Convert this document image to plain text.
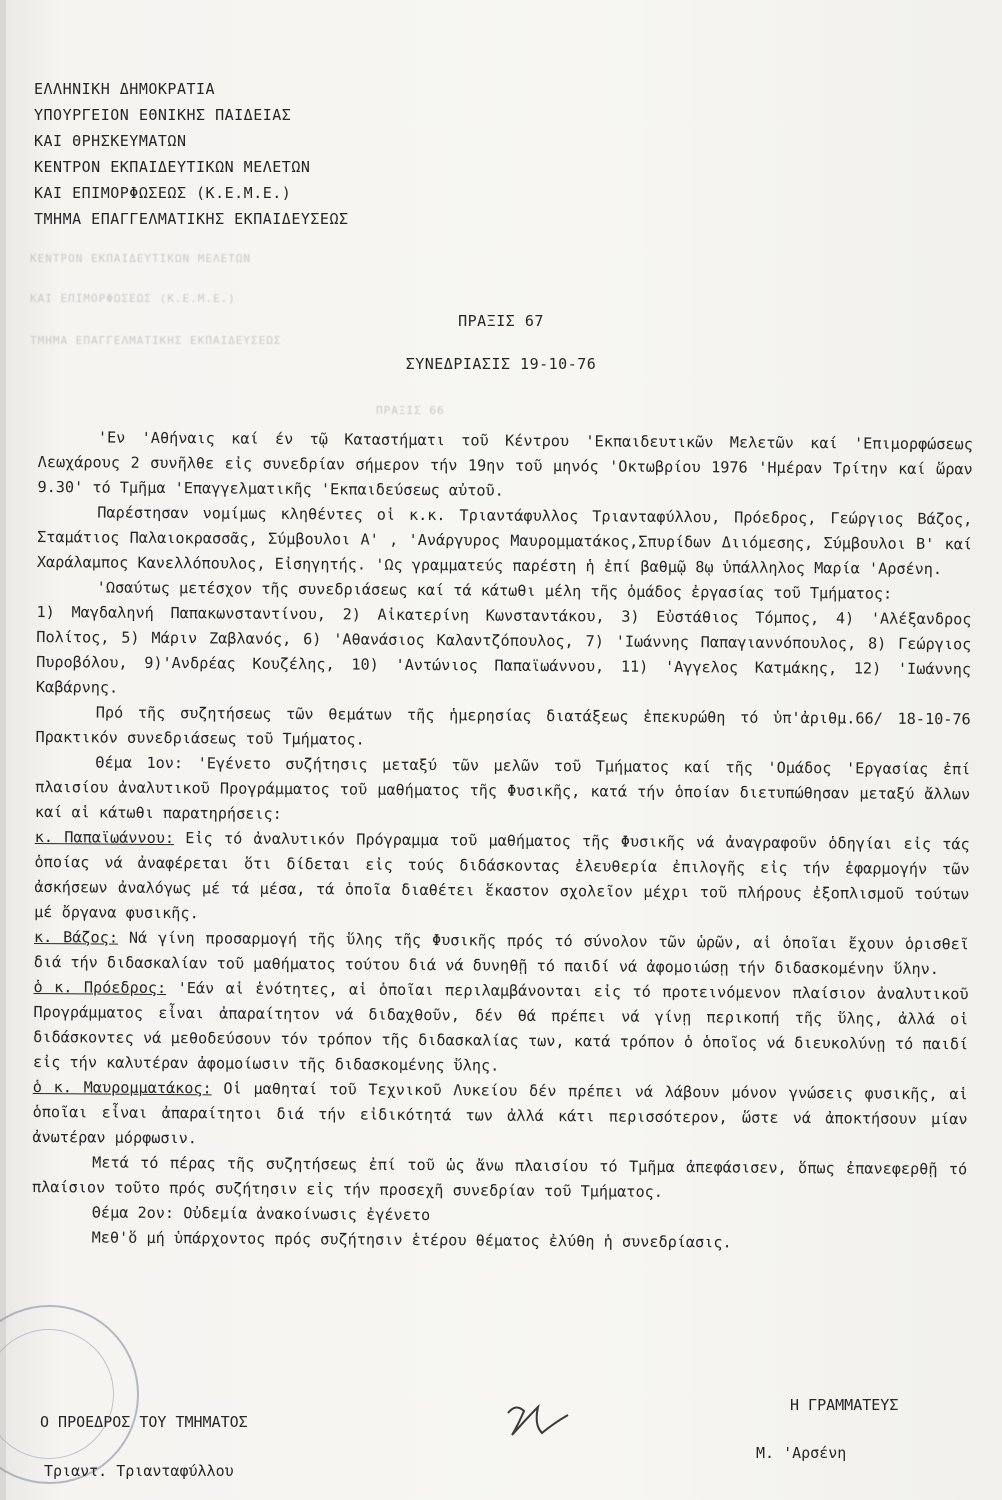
ΚΕΝΤΡΟΝ ΕΚΠΑΙΔΕΥΤΙΚΩΝ ΜΕΛΕΤΩΝ
ΚΑΙ ΕΠΙΜΟΡΦΩΣΕΩΣ (Κ.Ε.Μ.Ε.)
ΤΜΗΜΑ ΕΠΑΓΓΕΛΜΑΤΙΚΗΣ ΕΚΠΑΙΔΕΥΣΕΩΣ
ΠΡΑΞΙΣ 66
ΕΛΛΗΝΙΚΗ ΔΗΜΟΚΡΑΤΙΑ
ΥΠΟΥΡΓΕΙΟΝ ΕΘΝΙΚΗΣ ΠΑΙΔΕΙΑΣ
ΚΑΙ ΘΡΗΣΚΕΥΜΑΤΩΝ
ΚΕΝΤΡΟΝ ΕΚΠΑΙΔΕΥΤΙΚΩΝ ΜΕΛΕΤΩΝ
ΚΑΙ ΕΠΙΜΟΡΦΩΣΕΩΣ (Κ.Ε.Μ.Ε.)
ΤΜΗΜΑ ΕΠΑΓΓΕΛΜΑΤΙΚΗΣ ΕΚΠΑΙΔΕΥΣΕΩΣ
ΠΡΑΞΙΣ 67
ΣΥΝΕΔΡΙΑΣΙΣ 19-10-76

'Εν 'Αθήναις καί έν τῷ Καταστήματι τοῦ Κέντρου 'Εκπαιδευτικῶν Μελετῶν καί 'Επιμορφώσεως Λεωχάρους 2 συνῆλθε εἰς συνεδρίαν σήμερον τήν 19ην τοῦ μηνός 'Οκτωβρίου 1976 'Ημέραν Τρίτην καί ὥραν 9.30' τό Τμῆμα 'Επαγγελματικῆς 'Εκπαιδεύσεως αὐτοῦ.

Παρέστησαν νομίμως κληθέντες οἱ κ.κ. Τριαντάφυλλος Τριανταφύλλου, Πρόεδρος, Γεώργιος Βάζος, Σταμάτιος Παλαιοκρασσᾶς, Σύμβουλοι Α' , 'Ανάργυρος Μαυρομματάκος,Σπυρίδων Διιόμεσης, Σύμβουλοι Β' καί Χαράλαμπος Κανελλόπουλος, Εἰσηγητής. 'Ως γραμματεύς παρέστη ἡ ἐπί βαθμῷ 8ῳ ὑπάλληλος Μαρία 'Αρσένη.

'Ωσαύτως μετέσχον τῆς συνεδριάσεως καί τά κάτωθι μέλη τῆς ὁμάδος ἐργασίας τοῦ Τμήματος:

1) Μαγδαληνή Παπακωνσταντίνου, 2) Αἰκατερίνη Κωνσταντάκου, 3) Εὐστάθιος Τόμπος, 4) 'Αλέξανδρος Πολίτος, 5) Μάριν Ζαβλανός, 6) 'Αθανάσιος Καλαντζόπουλος, 7) 'Ιωάννης Παπαγιαννόπουλος, 8) Γεώργιος Πυροβόλου, 9)'Ανδρέας Κουζέλης, 10) 'Αντώνιος Παπαϊωάννου, 11) 'Αγγελος Κατμάκης, 12) 'Ιωάννης Καβάρνης.

Πρό τῆς συζητήσεως τῶν θεμάτων τῆς ἡμερησίας διατάξεως ἐπεκυρώθη τό ὑπ'ἀριθμ.66/ 18-10-76 Πρακτικόν συνεδριάσεως τοῦ Τμήματος.

Θέμα 1ον: 'Εγένετο συζήτησις μεταξύ τῶν μελῶν τοῦ Τμήματος καί τῆς 'Ομάδος 'Εργασίας ἐπί πλαισίου ἀναλυτικοῦ Προγράμματος τοῦ μαθήματος τῆς Φυσικῆς, κατά τήν ὁποίαν διετυπώθησαν μεταξύ ἄλλων καί αἱ κάτωθι παρατηρήσεις:

κ. Παπαϊωάννου: Εἰς τό ἀναλυτικόν Πρόγραμμα τοῦ μαθήματος τῆς Φυσικῆς νά ἀναγραφοῦν ὁδηγίαι εἰς τάς ὁποίας νά ἀναφέρεται ὅτι δίδεται εἰς τούς διδάσκοντας ἐλευθερία ἐπιλογῆς εἰς τήν ἐφαρμογήν τῶν ἀσκήσεων ἀναλόγως μέ τά μέσα, τά ὁποῖα διαθέτει ἕκαστον σχολεῖον μέχρι τοῦ πλήρους ἐξοπλισμοῦ τούτων μέ ὄργανα φυσικῆς.

κ. Βάζος: Νά γίνη προσαρμογή τῆς ὕλης τῆς Φυσικῆς πρός τό σύνολον τῶν ὡρῶν, αἱ ὁποῖαι ἔχουν ὁρισθεῖ διά τήν διδασκαλίαν τοῦ μαθήματος τούτου διά νά δυνηθῇ τό παιδί νά ἀφομοιώσῃ τήν διδασκομένην ὕλην.

ὁ κ. Πρόεδρος: 'Εάν αἱ ἑνότητες, αἱ ὁποῖαι περιλαμβάνονται εἰς τό προτεινόμενον πλαίσιον ἀναλυτικοῦ Προγράμματος εἶναι ἀπαραίτητον νά διδαχθοῦν, δέν θά πρέπει νά γίνῃ περικοπή τῆς ὕλης, ἀλλά οἱ διδάσκοντες νά μεθοδεύσουν τόν τρόπον τῆς διδασκαλίας των, κατά τρόπον ὁ ὁποῖος νά διευκολύνῃ τό παιδί εἰς τήν καλυτέραν ἀφομοίωσιν τῆς διδασκομένης ὕλης.

ὁ κ. Μαυρομματάκος: Οἱ μαθηταί τοῦ Τεχνικοῦ Λυκείου δέν πρέπει νά λάβουν μόνον γνώσεις φυσικῆς, αἱ ὁποῖαι εἶναι ἀπαραίτητοι διά τήν εἰδικότητά των ἀλλά κάτι περισσότερον, ὥστε νά ἀποκτήσουν μίαν ἀνωτέραν μόρφωσιν.

Μετά τό πέρας τῆς συζητήσεως ἐπί τοῦ ὡς ἄνω πλαισίου τό Τμῆμα ἀπεφάσισεν, ὅπως ἐπανεφερθῇ τό πλαίσιον τοῦτο πρός συζήτησιν εἰς τήν προσεχῆ συνεδρίαν τοῦ Τμήματος.

Θέμα 2ον: Οὐδεμία ἀνακοίνωσις ἐγένετο

Μεθ'ὅ μή ὑπάρχοντος πρός συζήτησιν ἑτέρου θέματος ἐλύθη ἡ συνεδρίασις.

Ο ΠΡΟΕΔΡΟΣ ΤΟΥ ΤΜΗΜΑΤΟΣ
Η ΓΡΑΜΜΑΤΕΥΣ
Τριαντ. Τριανταφύλλου
Μ. 'Αρσένη
